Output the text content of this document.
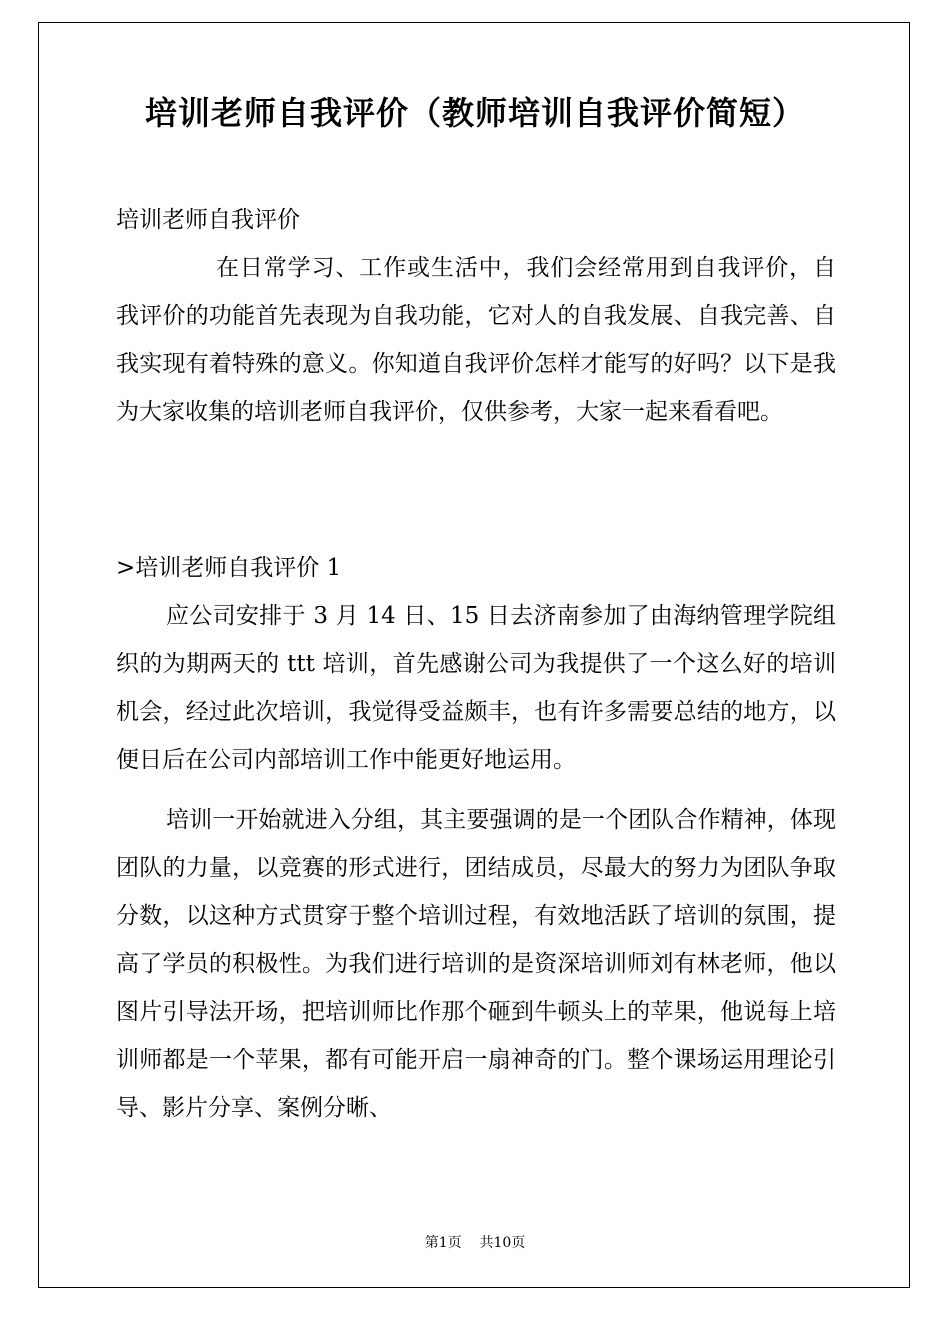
培训老师自我评价（教师培训自我评价简短）

培训老师自我评价

在日常学习、工作或生活中，我们会经常用到自我评价，自我评价的功能首先表现为自我功能，它对人的自我发展、自我完善、自我实现有着特殊的意义。你知道自我评价怎样才能写的好吗？以下是我为大家收集的培训老师自我评价，仅供参考，大家一起来看看吧。

>培训老师自我评价 1

应公司安排于 3 月 14 日、15 日去济南参加了由海纳管理学院组织的为期两天的 ttt 培训，首先感谢公司为我提供了一个这么好的培训机会，经过此次培训，我觉得受益颇丰，也有许多需要总结的地方，以便日后在公司内部培训工作中能更好地运用。

培训一开始就进入分组，其主要强调的是一个团队合作精神，体现团队的力量，以竞赛的形式进行，团结成员，尽最大的努力为团队争取分数，以这种方式贯穿于整个培训过程，有效地活跃了培训的氛围，提高了学员的积极性。为我们进行培训的是资深培训师刘有林老师，他以图片引导法开场，把培训师比作那个砸到牛顿头上的苹果，他说每上培训师都是一个苹果，都有可能开启一扇神奇的门。整个课场运用理论引导、影片分享、案例分晰、

第1页    共10页
